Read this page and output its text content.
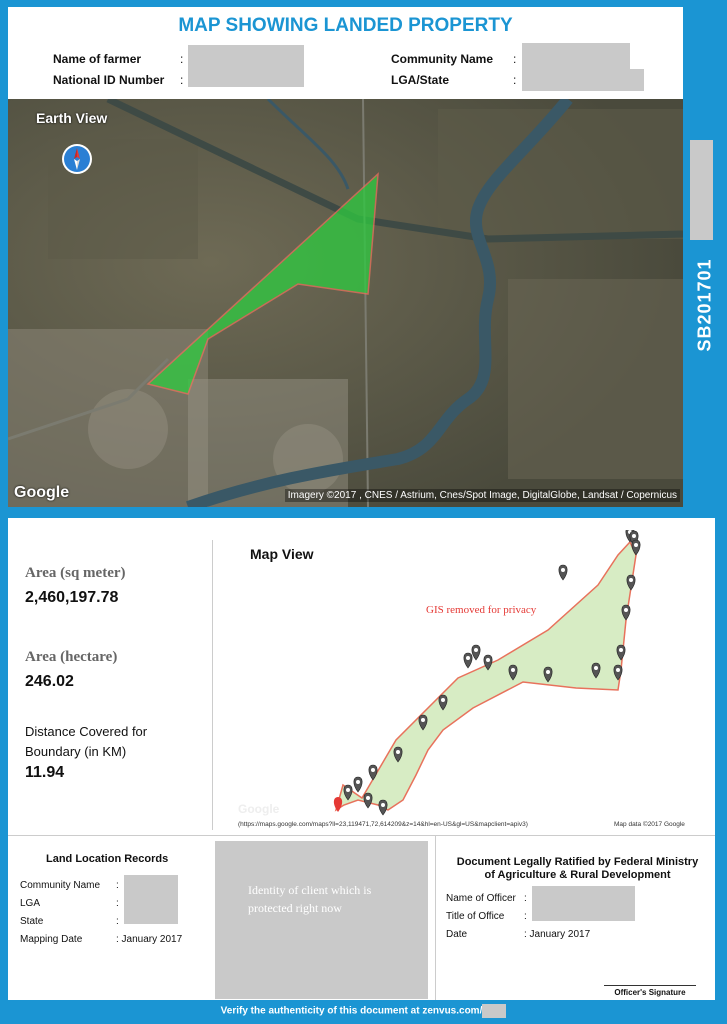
MAP SHOWING LANDED PROPERTY
Name of farmer	:
National ID Number :
Community Name :
LGA/State	:
Earth View
Google	Imagery ©2017 , CNES / Astrium, Cnes/Spot Image, DigitalGlobe, Landsat / Copernicus
SB201701
Area (sq meter)
2,460,197.78
Area (hectare)
246.02
Distance Covered for
Boundary (in KM)
11.94
Map View
GIS removed for privacy
Google
(https://maps.google.com/maps?ll=23,119471,72,614209&z=14&hl=en-US&gl=US&mapclient=apiv3)	Map data ©2017 Google
Land Location Records
Community Name :
LGA	:
State	:
Mapping Date	: January 2017
Identity of client which is
protected right now
Document Legally Ratified by Federal Ministry
of Agriculture & Rural Development
Name of Officer :
Title of Office :
Date	: January 2017
Officer's Signature
Verify the authenticity of this document at zenvus.com/
